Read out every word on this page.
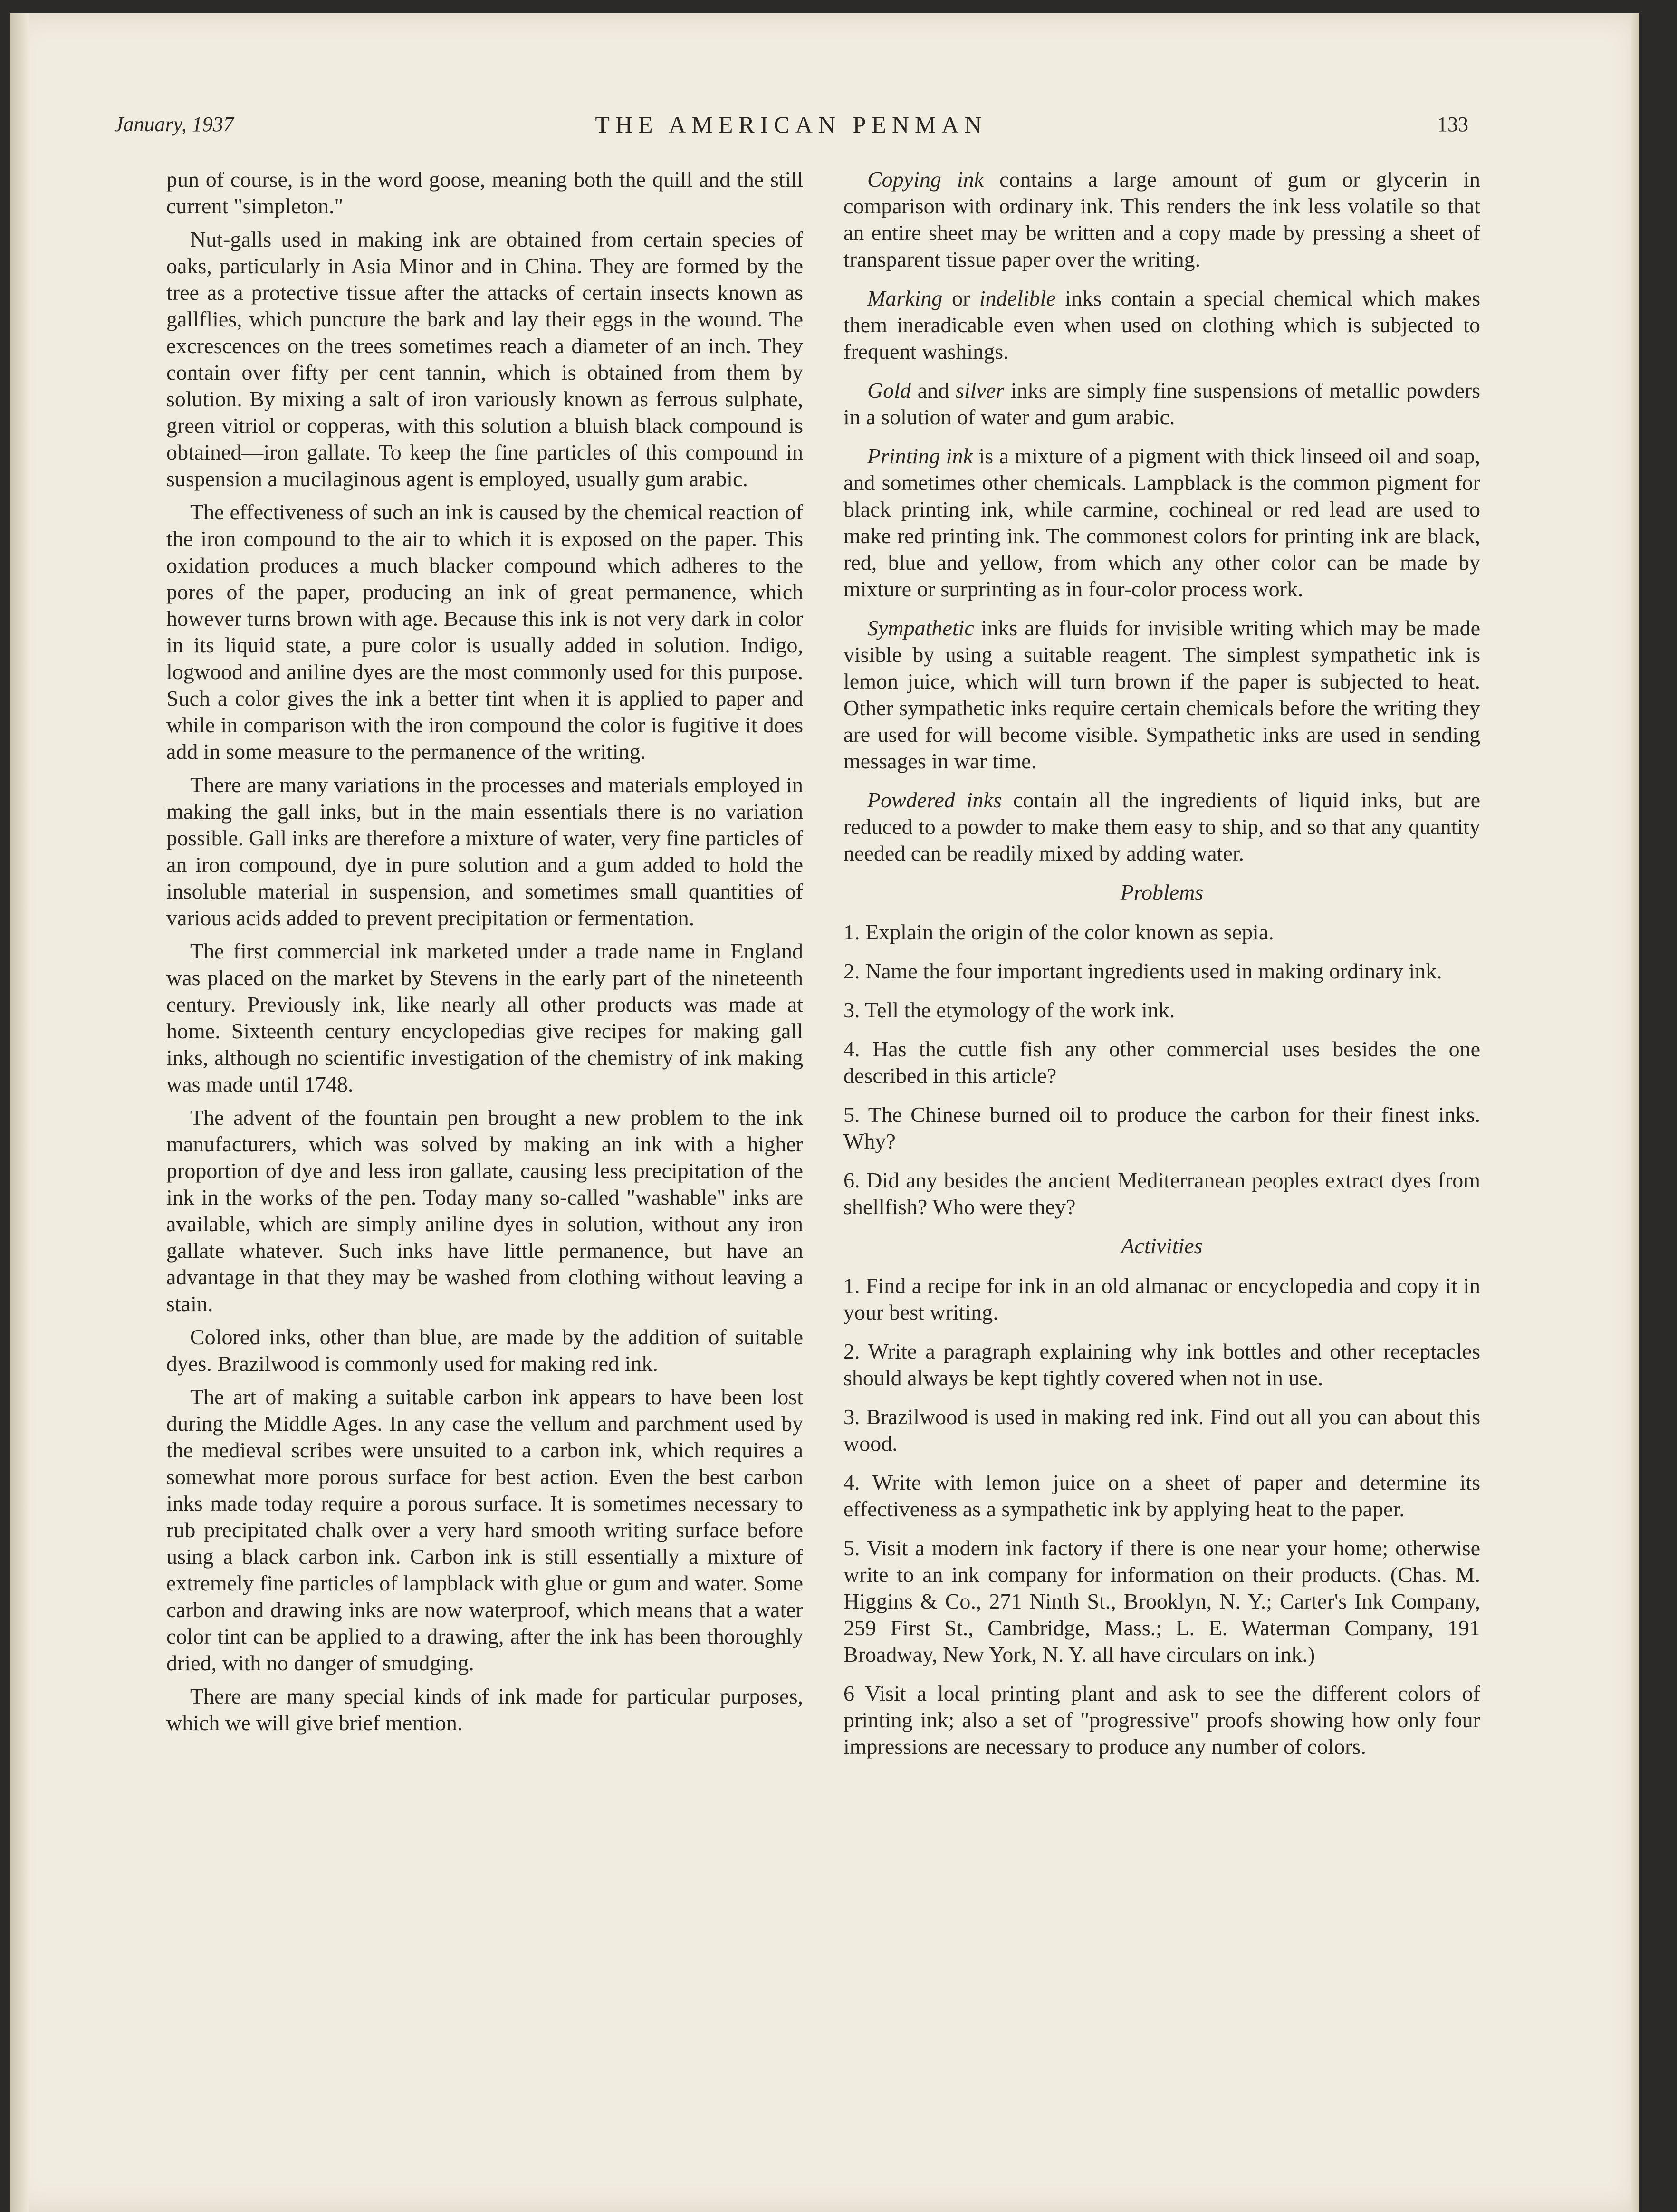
January, 1937	THE AMERICAN PENMAN	133

pun of course, is in the word goose, meaning both the quill and the still current "simpleton."

Nut-galls used in making ink are obtained from certain species of oaks, particularly in Asia Minor and in China. They are formed by the tree as a protective tissue after the attacks of certain insects known as gallflies, which puncture the bark and lay their eggs in the wound. The excrescences on the trees sometimes reach a diameter of an inch. They contain over fifty per cent tannin, which is obtained from them by solution. By mixing a salt of iron variously known as ferrous sulphate, green vitriol or copperas, with this solution a bluish black compound is obtained—iron gallate. To keep the fine particles of this compound in suspension a mucilaginous agent is employed, usually gum arabic.

The effectiveness of such an ink is caused by the chemical reaction of the iron compound to the air to which it is exposed on the paper. This oxidation produces a much blacker compound which adheres to the pores of the paper, producing an ink of great permanence, which however turns brown with age. Because this ink is not very dark in color in its liquid state, a pure color is usually added in solution. Indigo, logwood and aniline dyes are the most commonly used for this purpose. Such a color gives the ink a better tint when it is applied to paper and while in comparison with the iron compound the color is fugitive it does add in some measure to the permanence of the writing.

There are many variations in the processes and materials employed in making the gall inks, but in the main essentials there is no variation possible. Gall inks are therefore a mixture of water, very fine particles of an iron compound, dye in pure solution and a gum added to hold the insoluble material in suspension, and sometimes small quantities of various acids added to prevent precipitation or fermentation.

The first commercial ink marketed under a trade name in England was placed on the market by Stevens in the early part of the nineteenth century. Previously ink, like nearly all other products was made at home. Sixteenth century encyclopedias give recipes for making gall inks, although no scientific investigation of the chemistry of ink making was made until 1748.

The advent of the fountain pen brought a new problem to the ink manufacturers, which was solved by making an ink with a higher proportion of dye and less iron gallate, causing less precipitation of the ink in the works of the pen. Today many so-called "washable" inks are available, which are simply aniline dyes in solution, without any iron gallate whatever. Such inks have little permanence, but have an advantage in that they may be washed from clothing without leaving a stain.

Colored inks, other than blue, are made by the addition of suitable dyes. Brazilwood is commonly used for making red ink.

The art of making a suitable carbon ink appears to have been lost during the Middle Ages. In any case the vellum and parchment used by the medieval scribes were unsuited to a carbon ink, which requires a somewhat more porous surface for best action. Even the best carbon inks made today require a porous surface. It is sometimes necessary to rub precipitated chalk over a very hard smooth writing surface before using a black carbon ink. Carbon ink is still essentially a mixture of extremely fine particles of lampblack with glue or gum and water. Some carbon and drawing inks are now waterproof, which means that a water color tint can be applied to a drawing, after the ink has been thoroughly dried, with no danger of smudging.

There are many special kinds of ink made for particular purposes, which we will give brief mention.

Copying ink contains a large amount of gum or glycerin in comparison with ordinary ink. This renders the ink less volatile so that an entire sheet may be written and a copy made by pressing a sheet of transparent tissue paper over the writing.

Marking or indelible inks contain a special chemical which makes them ineradicable even when used on clothing which is subjected to frequent washings.

Gold and silver inks are simply fine suspensions of metallic powders in a solution of water and gum arabic.

Printing ink is a mixture of a pigment with thick linseed oil and soap, and sometimes other chemicals. Lampblack is the common pigment for black printing ink, while carmine, cochineal or red lead are used to make red printing ink. The commonest colors for printing ink are black, red, blue and yellow, from which any other color can be made by mixture or surprinting as in four-color process work.

Sympathetic inks are fluids for invisible writing which may be made visible by using a suitable reagent. The simplest sympathetic ink is lemon juice, which will turn brown if the paper is subjected to heat. Other sympathetic inks require certain chemicals before the writing they are used for will become visible. Sympathetic inks are used in sending messages in war time.

Powdered inks contain all the ingredients of liquid inks, but are reduced to a powder to make them easy to ship, and so that any quantity needed can be readily mixed by adding water.

Problems

1. Explain the origin of the color known as sepia.

2. Name the four important ingredients used in making ordinary ink.

3. Tell the etymology of the work ink.

4. Has the cuttle fish any other commercial uses besides the one described in this article?

5. The Chinese burned oil to produce the carbon for their finest inks. Why?

6. Did any besides the ancient Mediterranean peoples extract dyes from shellfish? Who were they?

Activities

1. Find a recipe for ink in an old almanac or encyclopedia and copy it in your best writing.

2. Write a paragraph explaining why ink bottles and other receptacles should always be kept tightly covered when not in use.

3. Brazilwood is used in making red ink. Find out all you can about this wood.

4. Write with lemon juice on a sheet of paper and determine its effectiveness as a sympathetic ink by applying heat to the paper.

5. Visit a modern ink factory if there is one near your home; otherwise write to an ink company for information on their products. (Chas. M. Higgins & Co., 271 Ninth St., Brooklyn, N. Y.; Carter's Ink Company, 259 First St., Cambridge, Mass.; L. E. Waterman Company, 191 Broadway, New York, N. Y. all have circulars on ink.)

6 Visit a local printing plant and ask to see the different colors of printing ink; also a set of "progressive" proofs showing how only four impressions are necessary to produce any number of colors.
